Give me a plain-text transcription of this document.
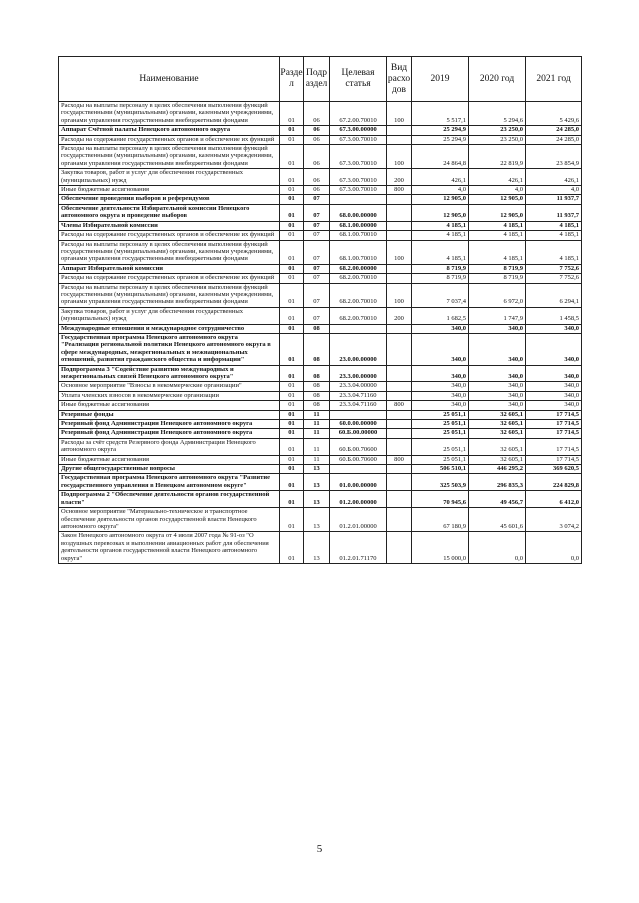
Наименование	Разде л	Подр аздел	Целевая статья	Вид расхо дов	2019	2020 год	2021 год
Расходы на выплаты персоналу в целях обеспечения выполнения функций государственными (муниципальными) органами, казенными учреждениями, органами управления государственными внебюджетными фондами	01	06	67.2.00.70010	100	5 517,1	5 294,6	5 429,6
Аппарат Счётной палаты Ненецкого автономного округа	01	06	67.3.00.00000		25 294,9	23 250,0	24 285,0
Расходы на содержание государственных органов и обеспечение их функций	01	06	67.3.00.70010		25 294,9	23 250,0	24 285,0
Расходы на выплаты персоналу в целях обеспечения выполнения функций государственными (муниципальными) органами, казенными учреждениями, органами управления государственными внебюджетными фондами	01	06	67.3.00.70010	100	24 864,8	22 819,9	23 854,9
Закупка товаров, работ и услуг для обеспечения государственных (муниципальных) нужд	01	06	67.3.00.70010	200	426,1	426,1	426,1
Иные бюджетные ассигнования	01	06	67.3.00.70010	800	4,0	4,0	4,0
Обеспечение проведения выборов и референдумов	01	07			12 905,0	12 905,0	11 937,7
Обеспечение деятельности Избирательной комиссии Ненецкого автономного округа и проведение выборов	01	07	68.0.00.00000		12 905,0	12 905,0	11 937,7
Члены Избирательной комиссии	01	07	68.1.00.00000		4 185,1	4 185,1	4 185,1
Расходы на содержание государственных органов и обеспечение их функций	01	07	68.1.00.70010		4 185,1	4 185,1	4 185,1
Расходы на выплаты персоналу в целях обеспечения выполнения функций государственными (муниципальными) органами, казенными учреждениями, органами управления государственными внебюджетными фондами	01	07	68.1.00.70010	100	4 185,1	4 185,1	4 185,1
Аппарат Избирательной комиссии	01	07	68.2.00.00000		8 719,9	8 719,9	7 752,6
Расходы на содержание государственных органов и обеспечение их функций	01	07	68.2.00.70010		8 719,9	8 719,9	7 752,6
Расходы на выплаты персоналу в целях обеспечения выполнения функций государственными (муниципальными) органами, казенными учреждениями, органами управления государственными внебюджетными фондами	01	07	68.2.00.70010	100	7 037,4	6 972,0	6 294,1
Закупка товаров, работ и услуг для обеспечения государственных (муниципальных) нужд	01	07	68.2.00.70010	200	1 682,5	1 747,9	1 458,5
Международные отношения и международное сотрудничество	01	08			340,0	340,0	340,0
Государственная программа Ненецкого автономного округа "Реализация региональной политики Ненецкого автономного округа в сфере международных, межрегиональных и межнациональных отношений, развития гражданского общества и информации"	01	08	23.0.00.00000		340,0	340,0	340,0
Подпрограмма 3 "Содействие развитию международных и межрегиональных связей Ненецкого автономного округа"	01	08	23.3.00.00000		340,0	340,0	340,0
Основное мероприятие "Взносы в некоммерческие организации"	01	08	23.3.04.00000		340,0	340,0	340,0
Уплата членских взносов в некоммерческие организации	01	08	23.3.04.71160		340,0	340,0	340,0
Иные бюджетные ассигнования	01	08	23.3.04.71160	800	340,0	340,0	340,0
Резервные фонды	01	11			25 051,1	32 605,1	17 714,5
Резервный фонд Администрации Ненецкого автономного округа	01	11	60.0.00.00000		25 051,1	32 605,1	17 714,5
Резервный фонд Администрации Ненецкого автономного округа	01	11	60.Б.00.00000		25 051,1	32 605,1	17 714,5
Расходы за счёт средств Резервного фонда Администрации Ненецкого автономного округа	01	11	60.Б.00.70600		25 051,1	32 605,1	17 714,5
Иные бюджетные ассигнования	01	11	60.Б.00.70600	800	25 051,1	32 605,1	17 714,5
Другие общегосударственные вопросы	01	13			506 510,1	446 295,2	369 620,5
Государственная программа Ненецкого автономного округа "Развитие государственного управления в Ненецком автономном округе"	01	13	01.0.00.00000		325 503,9	296 835,3	224 829,8
Подпрограмма 2 "Обеспечение деятельности органов государственной власти"	01	13	01.2.00.00000		70 945,6	49 456,7	6 412,0
Основное мероприятие "Материально-техническое и транспортное обеспечение деятельности органов государственной власти Ненецкого автономного округа"	01	13	01.2.01.00000		67 180,9	45 601,6	3 074,2
Закон Ненецкого автономного округа от 4 июля 2007 года № 91-оз "О воздушных перевозках и выполнении авиационных работ для обеспечения деятельности органов государственной власти Ненецкого автономного округа"	01	13	01.2.01.71170		15 000,0	0,0	0,0
5
